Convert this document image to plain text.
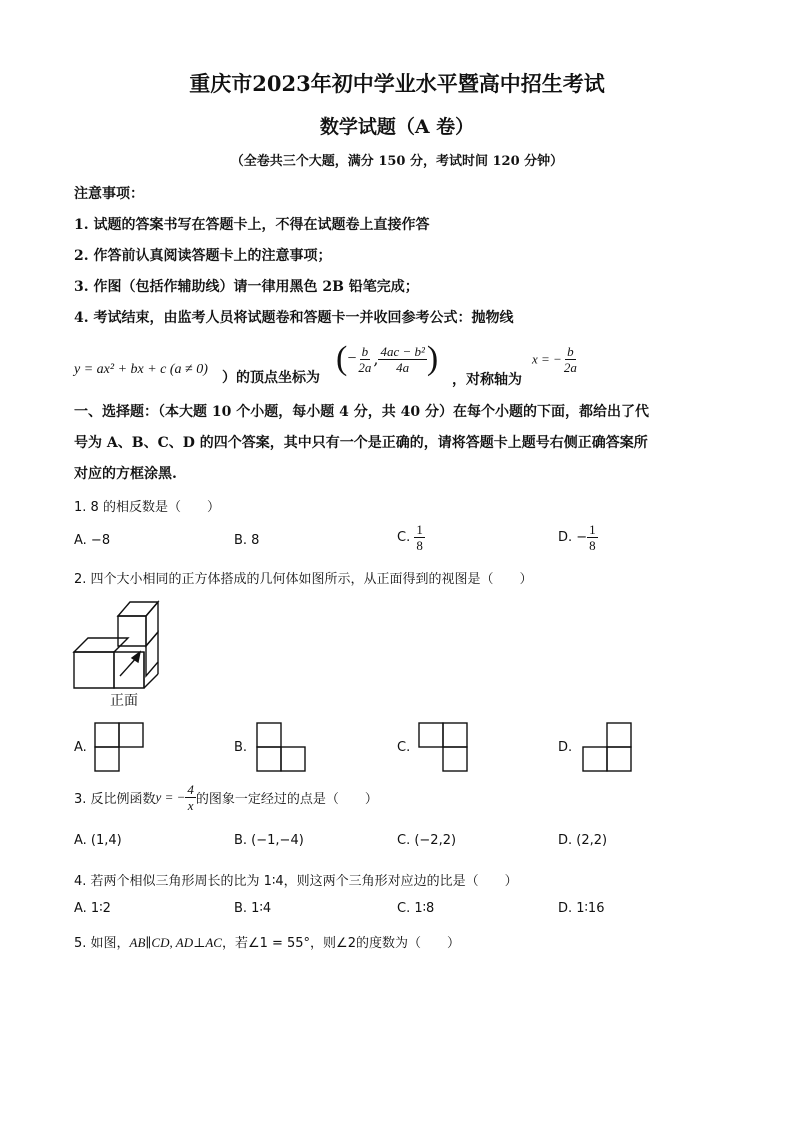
重庆市2023年初中学业水平暨高中招生考试
数学试题（A 卷）
（全卷共三个大题，满分 150 分，考试时间 120 分钟）
注意事项：
1. 试题的答案书写在答题卡上，不得在试题卷上直接作答
2. 作答前认真阅读答题卡上的注意事项；
3. 作图（包括作辅助线）请一律用黑色 2B 铅笔完成；
4. 考试结束，由监考人员将试题卷和答题卡一并收回参考公式：抛物线
y = ax² + bx + c (a ≠ 0)
）的顶点坐标为
(− $\frac{b}{2a}$ , $\frac{\text{4ac − b²}}{4a}$ )
，对称轴为
x = − $\frac{b}{2a}$
一、选择题：（本大题 10 个小题，每小题 4 分，共 40 分）在每个小题的下面，都给出了代
号为 A、B、C、D 的四个答案，其中只有一个是正确的，请将答题卡上题号右侧正确答案所
对应的方框涂黑.
1. 8 的相反数是（　　）
A. −8	B. 8	C. $\frac{1}{8}$	D. − $\frac{1}{8}$
2. 四个大小相同的正方体搭成的几何体如图所示，从正面得到的视图是（　　）
正面
A.	B.	C.	D.
3. 反比例函数y = − $\frac{4}{x}$ 的图象一定经过的点是（　　）
A. (1,4)	B. (−1,−4)	C. (−2,2)	D. (2,2)
4. 若两个相似三角形周长的比为 1∶4，则这两个三角形对应边的比是（　　）
A. 1∶2	B. 1∶4	C. 1∶8	D. 1∶16
5. 如图，AB∥CD, AD⊥AC，若∠1 = 55°，则∠2的度数为（　　）
